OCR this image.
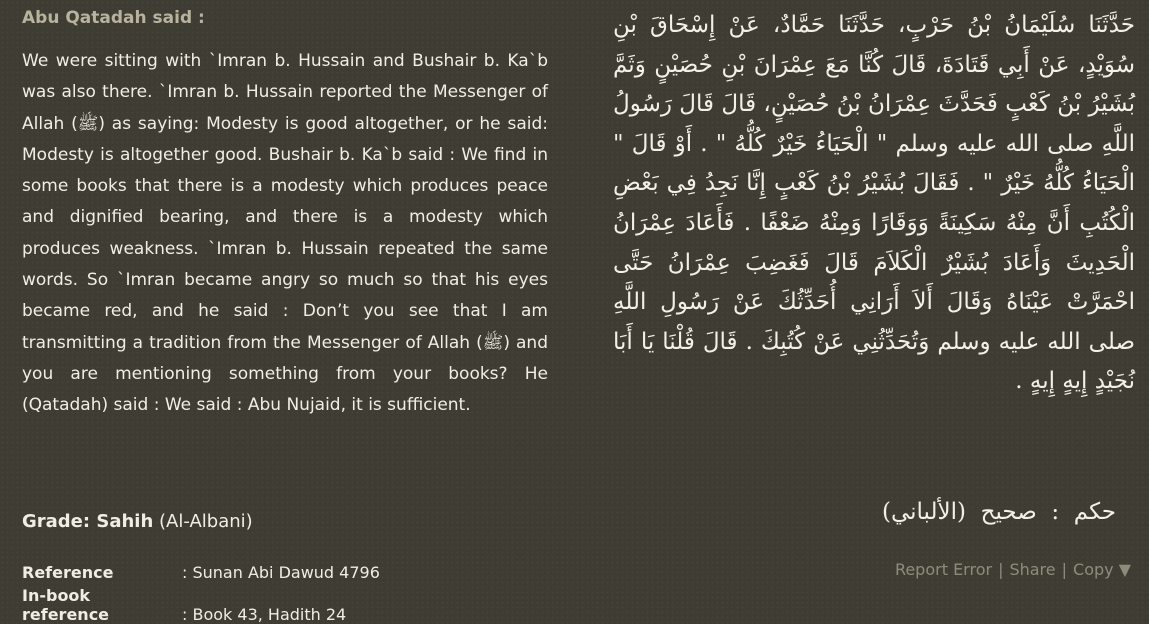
Abu Qatadah said :

We were sitting with `Imran b. Hussain and Bushair b. Ka`b was also there. `Imran b. Hussain reported the Messenger of Allah (ﷺ) as saying: Modesty is good altogether, or he said: Modesty is altogether good. Bushair b. Ka`b said : We find in some books that there is a modesty which produces peace and dignified bearing, and there is a modesty which produces weakness. `Imran b. Hussain repeated the same words. So `Imran became angry so much so that his eyes became red, and he said : Don’t you see that I am transmitting a tradition from the Messenger of Allah (ﷺ) and you are mentioning something from your books? He (Qatadah) said : We said : Abu Nujaid, it is sufficient.

حَدَّثَنَا سُلَيْمَانُ بْنُ حَرْبٍ، حَدَّثَنَا حَمَّادٌ، عَنْ إِسْحَاقَ بْنِ سُوَيْدٍ، عَنْ أَبِي قَتَادَةَ، قَالَ كُنَّا مَعَ عِمْرَانَ بْنِ حُصَيْنٍ وَثَمَّ بُشَيْرُ بْنُ كَعْبٍ فَحَدَّثَ عِمْرَانُ بْنُ حُصَيْنٍ، قَالَ قَالَ رَسُولُ اللَّهِ صلى الله عليه وسلم " الْحَيَاءُ خَيْرٌ كُلُّهُ " . أَوْ قَالَ " الْحَيَاءُ كُلُّهُ خَيْرٌ " . فَقَالَ بُشَيْرُ بْنُ كَعْبٍ إِنَّا نَجِدُ فِي بَعْضِ الْكُتُبِ أَنَّ مِنْهُ سَكِينَةً وَوَقَارًا وَمِنْهُ ضَعْفًا . فَأَعَادَ عِمْرَانُ الْحَدِيثَ وَأَعَادَ بُشَيْرٌ الْكَلاَمَ قَالَ فَغَضِبَ عِمْرَانُ حَتَّى احْمَرَّتْ عَيْنَاهُ وَقَالَ أَلاَ أَرَانِي أُحَدِّثُكَ عَنْ رَسُولِ اللَّهِ صلى الله عليه وسلم وَتُحَدِّثُنِي عَنْ كُتُبِكَ . قَالَ قُلْنَا يَا أَبَا نُجَيْدٍ إِيهٍ إِيهٍ .

Grade: Sahih (Al-Albani)	حكم  :  صحيح  (الألباني)
Reference	: Sunan Abi Dawud 4796
In-book reference	: Book 43, Hadith 24
Report Error | Share | Copy ▼
